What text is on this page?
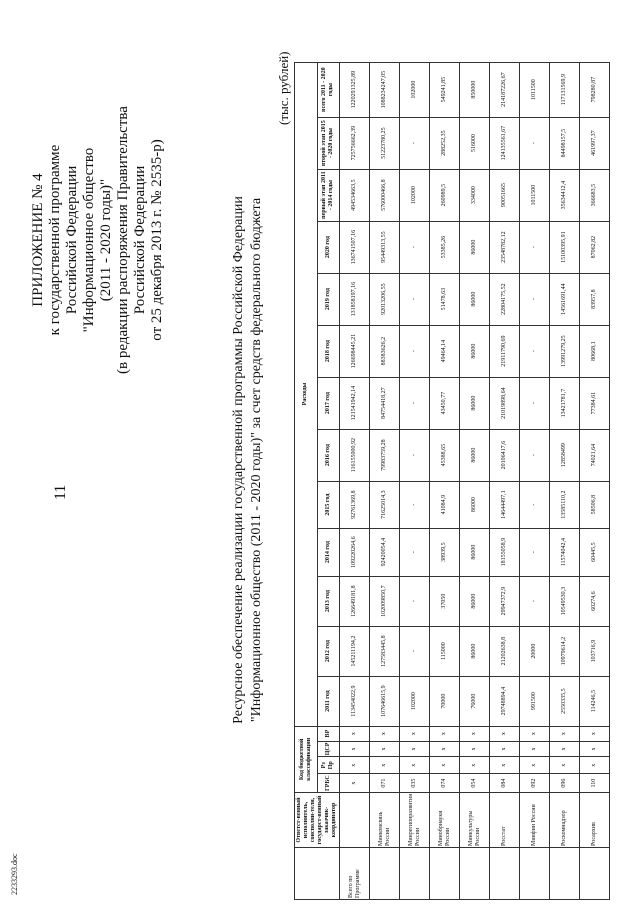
2233293.doc
11
ПРИЛОЖЕНИЕ № 4 к государственной программе Российской Федерации "Информационное общество (2011 - 2020 годы)" (в редакции распоряжения Правительства Российской Федерации от 25 декабря 2013 г. № 2535-р)	Ресурсное обеспечение реализации государственной программы Российской Федерации "Информационное общество (2011 - 2020 годы)" за счет средств федерального бюджета
(тыс. рублей)
	Ответст-венный исполнитель, соисполни-тели, государст-венный заказчик-координатор	Код бюджетной классификации				Расходы												
		ГРБС	Рз Пр	ЦСР	ВР	2011 год	2012 год	2013 год	2014 год	2015 год	2016 год	2017 год	2018 год	2019 год	2020 год	первый этап 2011 - 2014 годы	второй этап 2015 - 2020 годы	всего 2011 - 2020 годы
Всего по Программе		x	x	x	x	113454022,9	145211194,2	126649181,8	109220264,6	92761369,8	116155000,92	121541942,14	126698445,21	131858197,16	136741507,16	494534663,5	725756662,39	1220291325,89
	Минкомсвязь России	071	x	x	x	107646615,9	127583445,8	102009850,7	92420054,4	71625014,3	79983759,28	84754418,27	88383626,2	92013206,55	95449313,55	576000466,8	51223780,25	1088234247,05
	Минрегионразвития России	035	x	x	x	102000	-	-	-	-	-	-	-	-	-	102000	-	102000
	Минобрнауки России	074	x	x	x	70000	115000	37050	38939,5	41084,9	45388,65	43450,77	49464,14	51478,63	53385,26	260989,5	288252,35	549241,85
	Минкультуры России	054	x	x	x	76000	86000	86000	86000	86000	86000	86000	86000	86000	86000	334000	516000	850000
	Росстат	084	x	x	x	29748894,4	21202638,8	29947372,9	18155058,9	14644497,1	20106417,6	21019898,64	21911790,69	22804175,52	23548782,12	90051665	124135561,67	214187226,67
	Минфин России	092	x	x	x	991500	20000	-	-	-	-	-	-	-	-	1011500	-	1011500
	Роскомнадзор	096	x	x	x	2550335,5	10979614,2	10549530,3	11574042,4	13585110,2	12858499	13421781,7	13991279,25	14561691,44	15100395,91	35634412,4	84498157,5	117131569,9
	Росархив	110	x	x	x	114246,5	103716,9	60274,6	60445,5	58506,8	74021,64	77384,61	80668,1	83957,8	87062,82	366683,5	461997,37	798280,87
